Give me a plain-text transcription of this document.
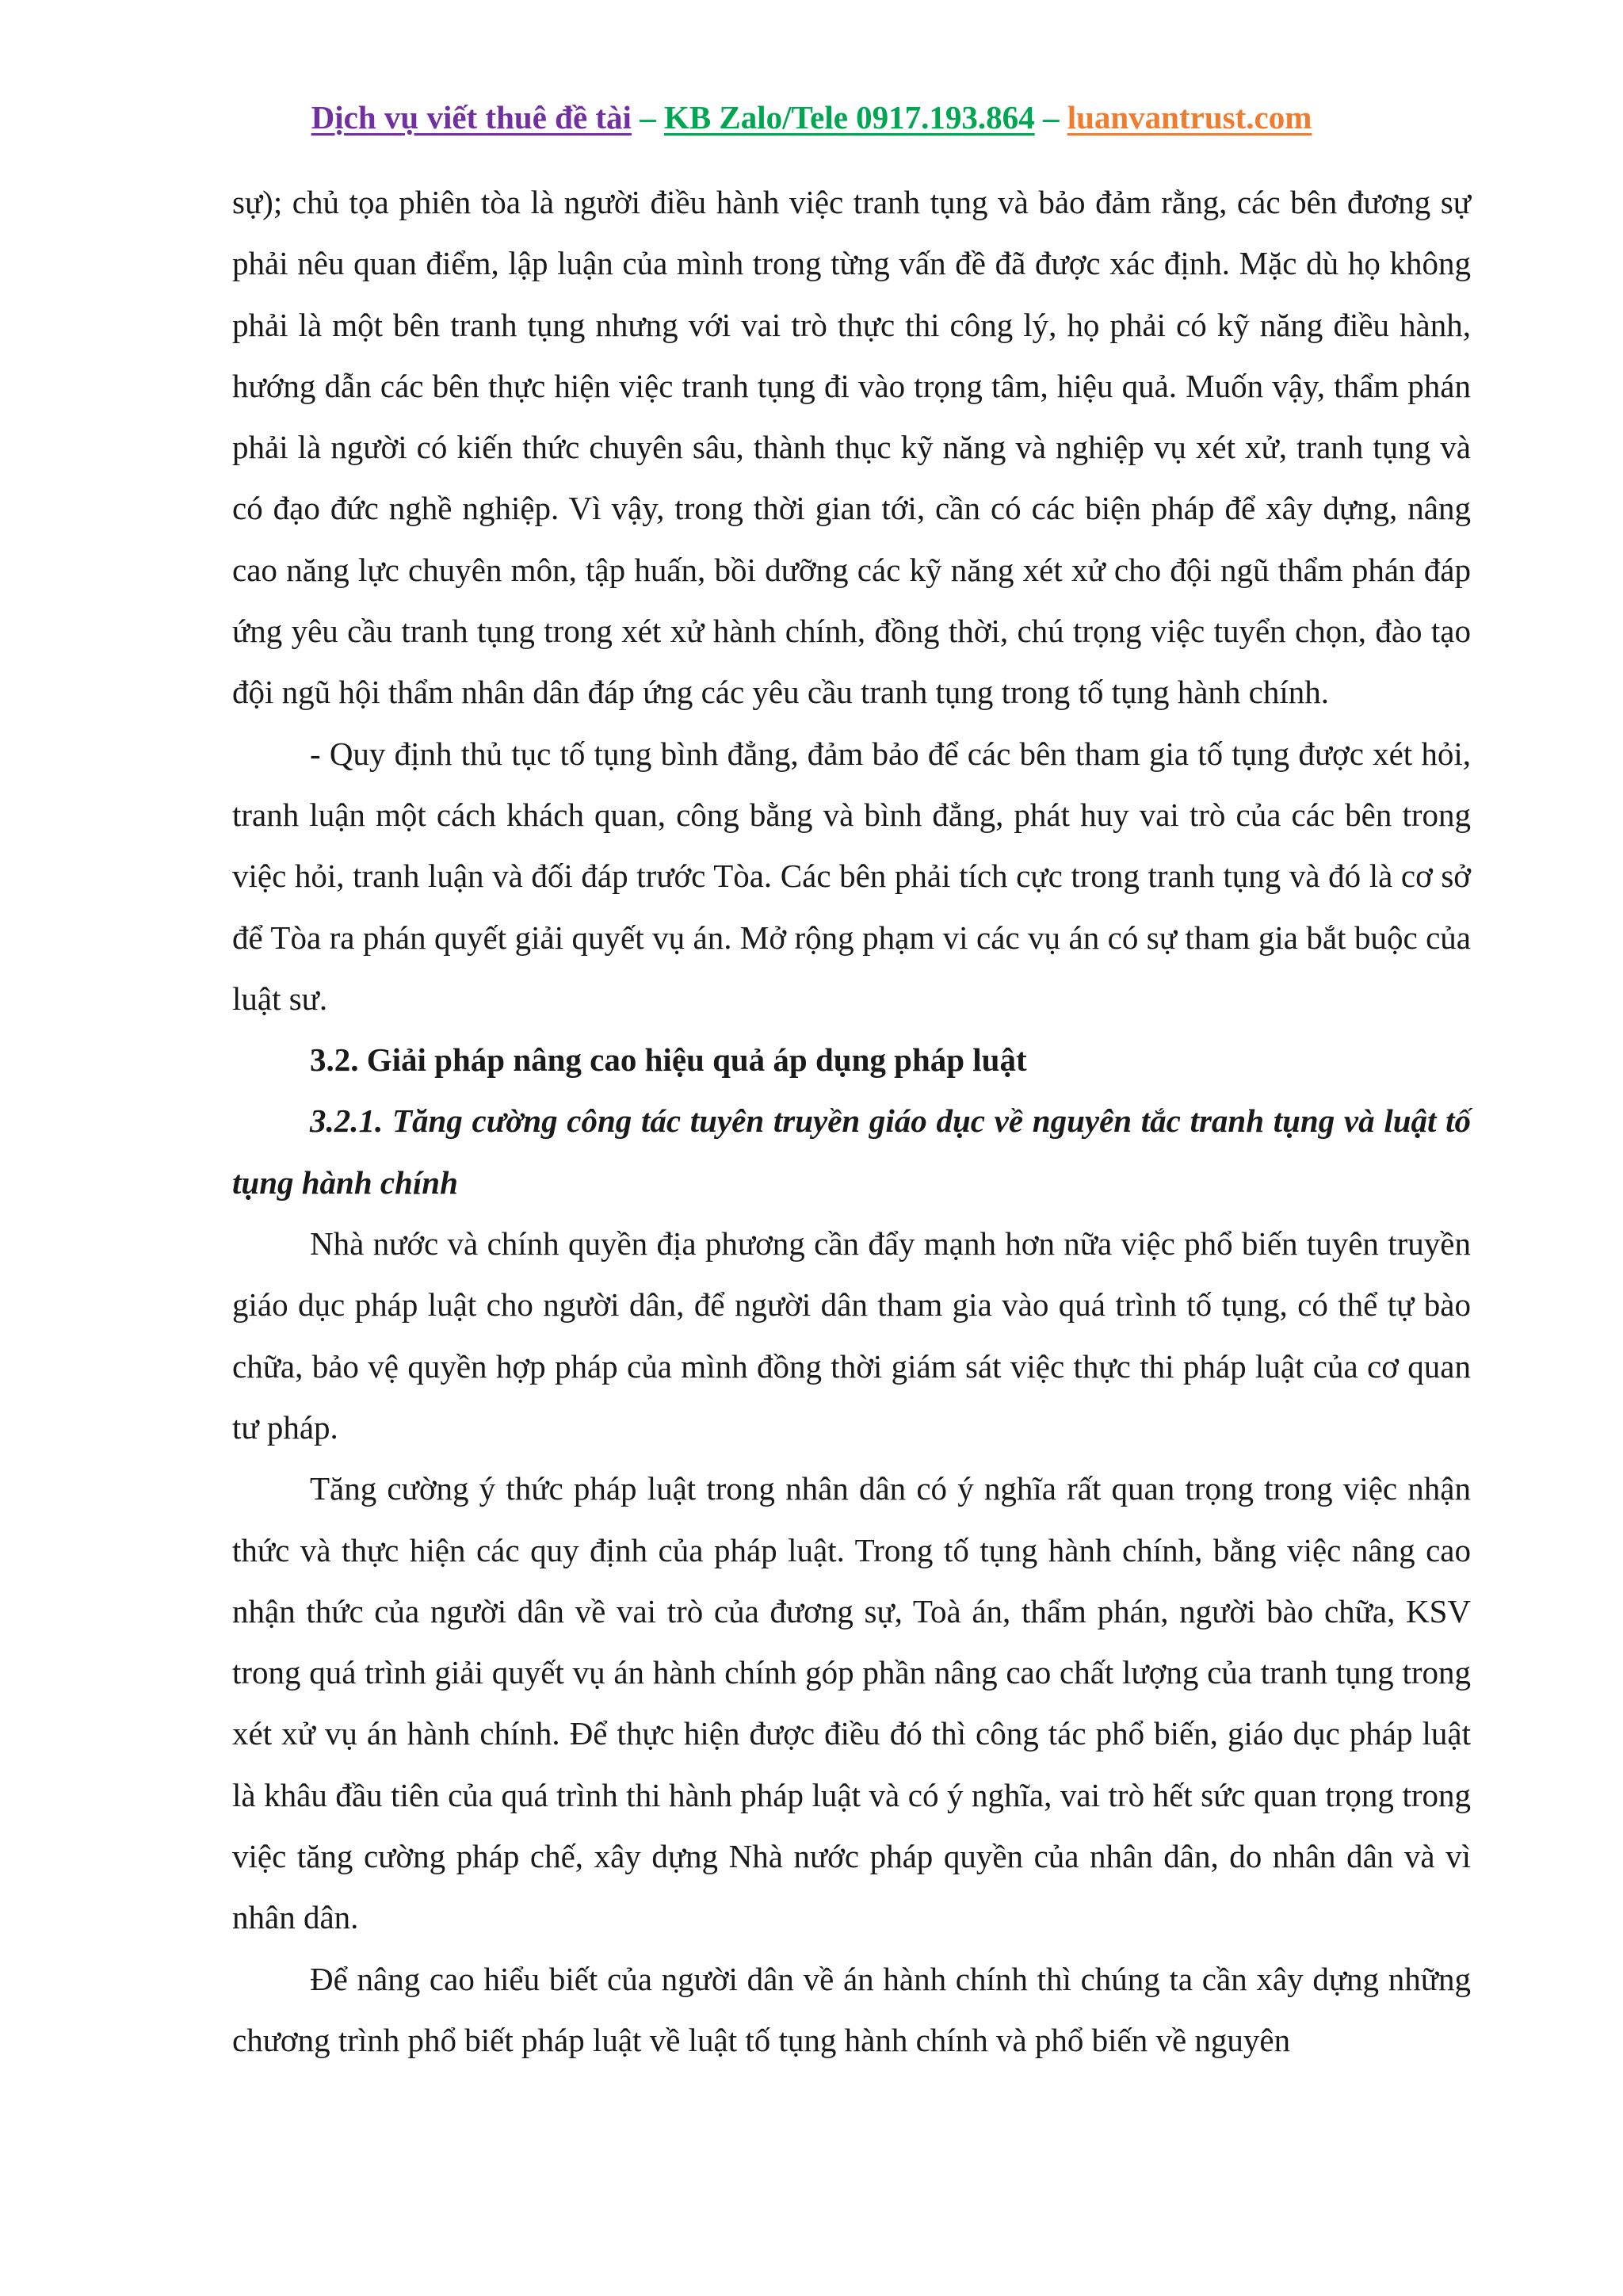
Dịch vụ viết thuê đề tài – KB Zalo/Tele 0917.193.864 – luanvantrust.com

sự); chủ tọa phiên tòa là người điều hành việc tranh tụng và bảo đảm rằng, các bên đương sự phải nêu quan điểm, lập luận của mình trong từng vấn đề đã được xác định. Mặc dù họ không phải là một bên tranh tụng nhưng với vai trò thực thi công lý, họ phải có kỹ năng điều hành, hướng dẫn các bên thực hiện việc tranh tụng đi vào trọng tâm, hiệu quả. Muốn vậy, thẩm phán phải là người có kiến thức chuyên sâu, thành thục kỹ năng và nghiệp vụ xét xử, tranh tụng và có đạo đức nghề nghiệp. Vì vậy, trong thời gian tới, cần có các biện pháp để xây dựng, nâng cao năng lực chuyên môn, tập huấn, bồi dưỡng các kỹ năng xét xử cho đội ngũ thẩm phán đáp ứng yêu cầu tranh tụng trong xét xử hành chính, đồng thời, chú trọng việc tuyển chọn, đào tạo đội ngũ hội thẩm nhân dân đáp ứng các yêu cầu tranh tụng trong tố tụng hành chính.

- Quy định thủ tục tố tụng bình đẳng, đảm bảo để các bên tham gia tố tụng được xét hỏi, tranh luận một cách khách quan, công bằng và bình đẳng, phát huy vai trò của các bên trong việc hỏi, tranh luận và đối đáp trước Tòa. Các bên phải tích cực trong tranh tụng và đó là cơ sở để Tòa ra phán quyết giải quyết vụ án. Mở rộng phạm vi các vụ án có sự tham gia bắt buộc của luật sư.

3.2. Giải pháp nâng cao hiệu quả áp dụng pháp luật

3.2.1. Tăng cường công tác tuyên truyền giáo dục về nguyên tắc tranh tụng và luật tố tụng hành chính

Nhà nước và chính quyền địa phương cần đẩy mạnh hơn nữa việc phổ biến tuyên truyền giáo dục pháp luật cho người dân, để người dân tham gia vào quá trình tố tụng, có thể tự bào chữa, bảo vệ quyền hợp pháp của mình đồng thời giám sát việc thực thi pháp luật của cơ quan tư pháp.

Tăng cường ý thức pháp luật trong nhân dân có ý nghĩa rất quan trọng trong việc nhận thức và thực hiện các quy định của pháp luật. Trong tố tụng hành chính, bằng việc nâng cao nhận thức của người dân về vai trò của đương sự, Toà án, thẩm phán, người bào chữa, KSV trong quá trình giải quyết vụ án hành chính góp phần nâng cao chất lượng của tranh tụng trong xét xử vụ án hành chính. Để thực hiện được điều đó thì công tác phổ biến, giáo dục pháp luật là khâu đầu tiên của quá trình thi hành pháp luật và có ý nghĩa, vai trò hết sức quan trọng trong việc tăng cường pháp chế, xây dựng Nhà nước pháp quyền của nhân dân, do nhân dân và vì nhân dân.

Để nâng cao hiểu biết của người dân về án hành chính thì chúng ta cần xây dựng những chương trình phổ biết pháp luật về luật tố tụng hành chính và phổ biến về nguyên
